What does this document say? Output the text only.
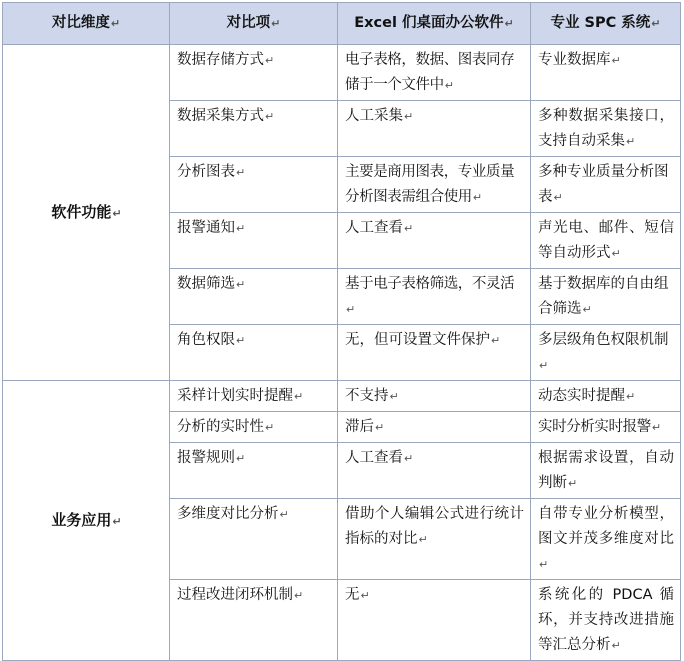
对比维度↵	对比项↵	Excel 们桌面办公软件↵	专业 SPC 系统↵
软件功能↵	数据存储方式↵	电子表格，数据、图表同存储于一个文件中↵	专业数据库↵
	数据采集方式↵	人工采集↵	多种数据采集接口，支持自动采集↵
	分析图表↵	主要是商用图表，专业质量分析图表需组合使用↵	多种专业质量分析图表↵
	报警通知↵	人工查看↵	声光电、邮件、短信等自动形式↵
	数据筛选↵	基于电子表格筛选，不灵活↵	基于数据库的自由组合筛选↵
	角色权限↵	无，但可设置文件保护↵	多层级角色权限机制↵
业务应用↵	采样计划实时提醒↵	不支持↵	动态实时提醒↵
	分析的实时性↵	滞后↵	实时分析实时报警↵
	报警规则↵	人工查看↵	根据需求设置，自动判断↵
	多维度对比分析↵	借助个人编辑公式进行统计指标的对比↵	自带专业分析模型，图文并茂多维度对比↵
	过程改进闭环机制↵	无↵	系统化的 PDCA 循环，并支持改进措施等汇总分析↵
